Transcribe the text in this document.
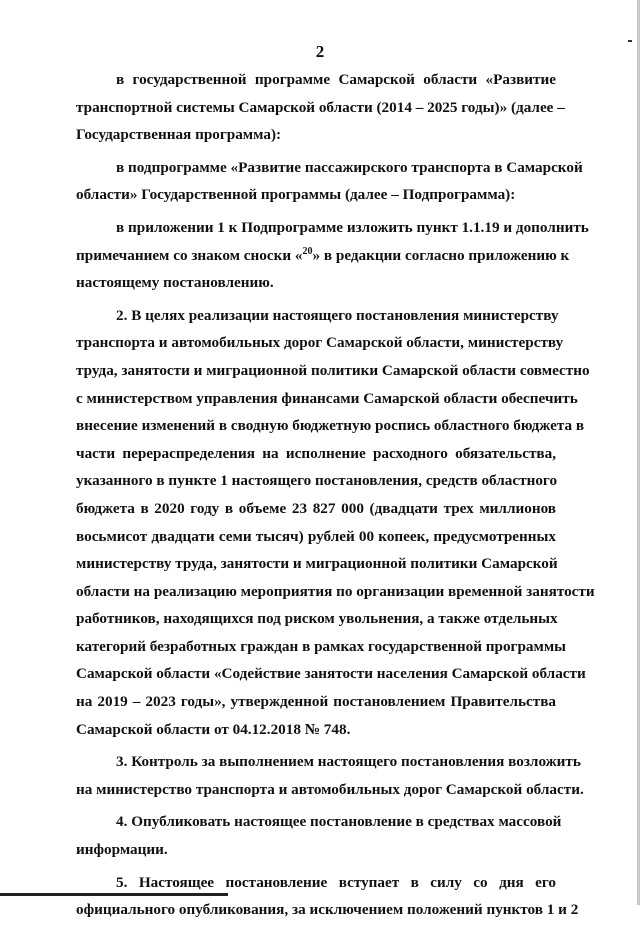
2
в государственной программе Самарской области «Развитие
транспортной системы Самарской области (2014 – 2025 годы)» (далее –
Государственная программа):
в подпрограмме «Развитие пассажирского транспорта в Самарской
области» Государственной программы (далее – Подпрограмма):
в приложении 1 к Подпрограмме изложить пункт 1.1.19 и дополнить
примечанием со знаком сноски «$^{20}$» в редакции согласно приложению к
настоящему постановлению.
2. В целях реализации настоящего постановления министерству
транспорта и автомобильных дорог Самарской области, министерству
труда, занятости и миграционной политики Самарской области совместно
с министерством управления финансами Самарской области обеспечить
внесение изменений в сводную бюджетную роспись областного бюджета в
части перераспределения на исполнение расходного обязательства,
указанного в пункте 1 настоящего постановления, средств областного
бюджета в 2020 году в объеме 23 827 000 (двадцати трех миллионов
восьмисот двадцати семи тысяч) рублей 00 копеек, предусмотренных
министерству труда, занятости и миграционной политики Самарской
области на реализацию мероприятия по организации временной занятости
работников, находящихся под риском увольнения, а также отдельных
категорий безработных граждан в рамках государственной программы
Самарской области «Содействие занятости населения Самарской области
на 2019 – 2023 годы», утвержденной постановлением Правительства
Самарской области от 04.12.2018 № 748.
3. Контроль за выполнением настоящего постановления возложить
на министерство транспорта и автомобильных дорог Самарской области.
4. Опубликовать настоящее постановление в средствах массовой
информации.
5. Настоящее постановление вступает в силу со дня его
официального опубликования, за исключением положений пунктов 1 и 2
